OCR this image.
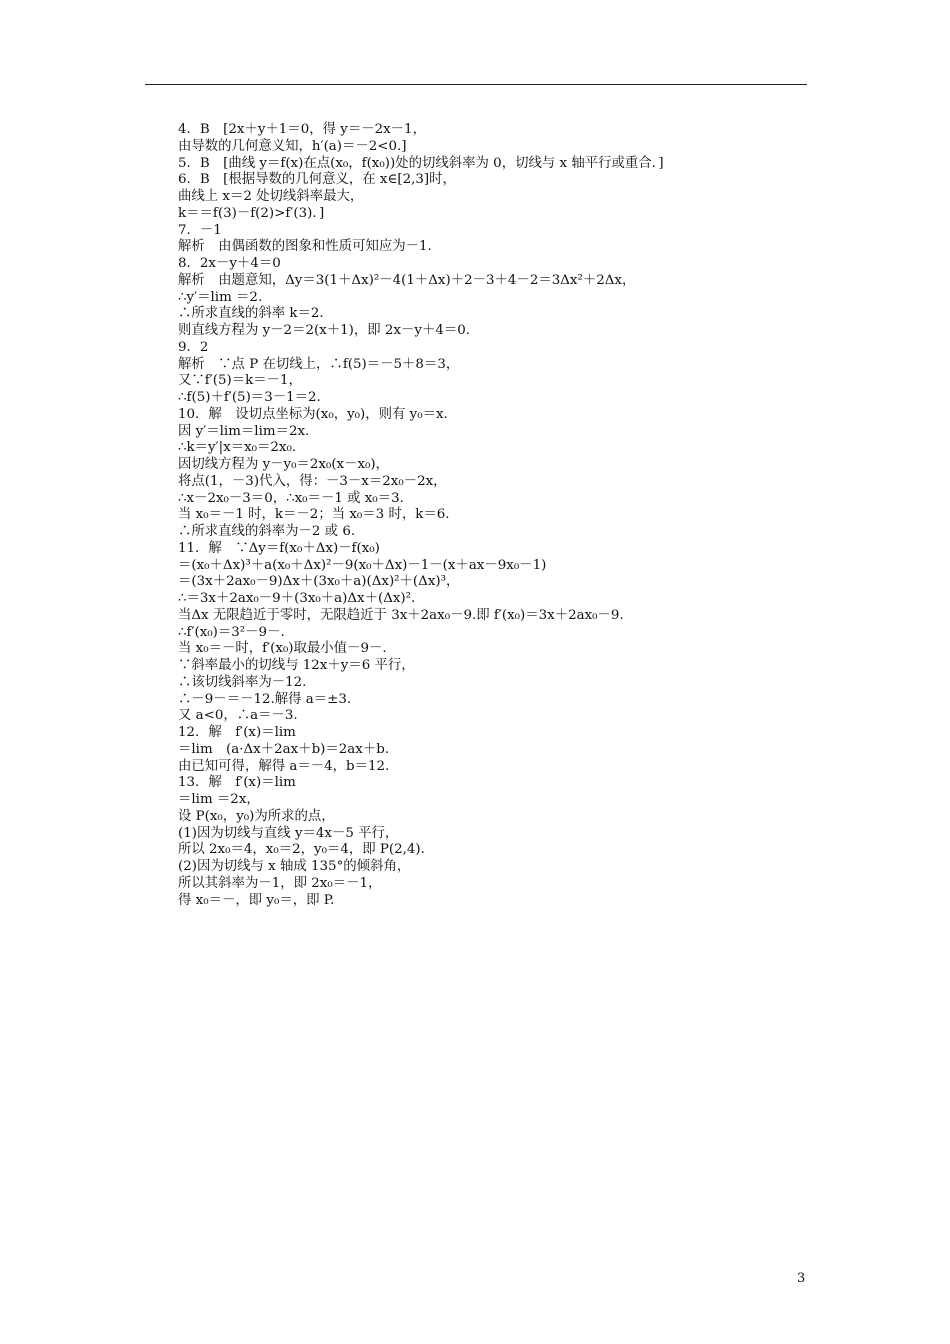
4．B　[2x＋y＋1＝0，得 y＝－2x－1，
由导数的几何意义知，h′(a)＝－2<0.]
5．B　[曲线 y＝f(x)在点(x₀，f(x₀))处的切线斜率为 0，切线与 x 轴平行或重合．]
6．B　[根据导数的几何意义，在 x∈[2,3]时，
曲线上 x＝2 处切线斜率最大，
k＝＝f(3)－f(2)>f′(3)．]
7．－1
解析　由偶函数的图象和性质可知应为－1.
8．2x－y＋4＝0
解析　由题意知，Δy＝3(1＋Δx)²－4(1＋Δx)＋2－3＋4－2＝3Δx²＋2Δx，
∴y′＝lim ＝2.
∴所求直线的斜率 k＝2.
则直线方程为 y－2＝2(x＋1)，即 2x－y＋4＝0.
9．2
解析　∵点 P 在切线上，∴f(5)＝－5＋8＝3，
又∵f′(5)＝k＝－1，
∴f(5)＋f′(5)＝3－1＝2.
10．解　设切点坐标为(x₀，y₀)，则有 y₀＝x.
因 y′＝lim＝lim＝2x.
∴k＝y′|x＝x₀＝2x₀.
因切线方程为 y－y₀＝2x₀(x－x₀)，
将点(1，－3)代入，得：－3－x＝2x₀－2x，
∴x－2x₀－3＝0，∴x₀＝－1 或 x₀＝3.
当 x₀＝－1 时，k＝－2；当 x₀＝3 时，k＝6.
∴所求直线的斜率为－2 或 6.
11．解　∵Δy＝f(x₀＋Δx)－f(x₀)
＝(x₀＋Δx)³＋a(x₀＋Δx)²－9(x₀＋Δx)－1－(x＋ax－9x₀－1)
＝(3x＋2ax₀－9)Δx＋(3x₀＋a)(Δx)²＋(Δx)³，
∴＝3x＋2ax₀－9＋(3x₀＋a)Δx＋(Δx)².
当Δx 无限趋近于零时，无限趋近于 3x＋2ax₀－9.即 f′(x₀)＝3x＋2ax₀－9.
∴f′(x₀)＝3²－9－.
当 x₀＝－时，f′(x₀)取最小值－9－.
∵斜率最小的切线与 12x＋y＝6 平行，
∴该切线斜率为－12.
∴－9－＝－12.解得 a＝±3.
又 a<0，∴a＝－3.
12．解　f′(x)＝lim
＝lim　(a·Δx＋2ax＋b)＝2ax＋b.
由已知可得，解得 a＝－4，b＝12.
13．解　f′(x)＝lim
＝lim ＝2x，
设 P(x₀，y₀)为所求的点，
(1)因为切线与直线 y＝4x－5 平行，
所以 2x₀＝4，x₀＝2，y₀＝4，即 P(2,4)．
(2)因为切线与 x 轴成 135°的倾斜角，
所以其斜率为－1，即 2x₀＝－1，
得 x₀＝－，即 y₀＝，即 P.
3
